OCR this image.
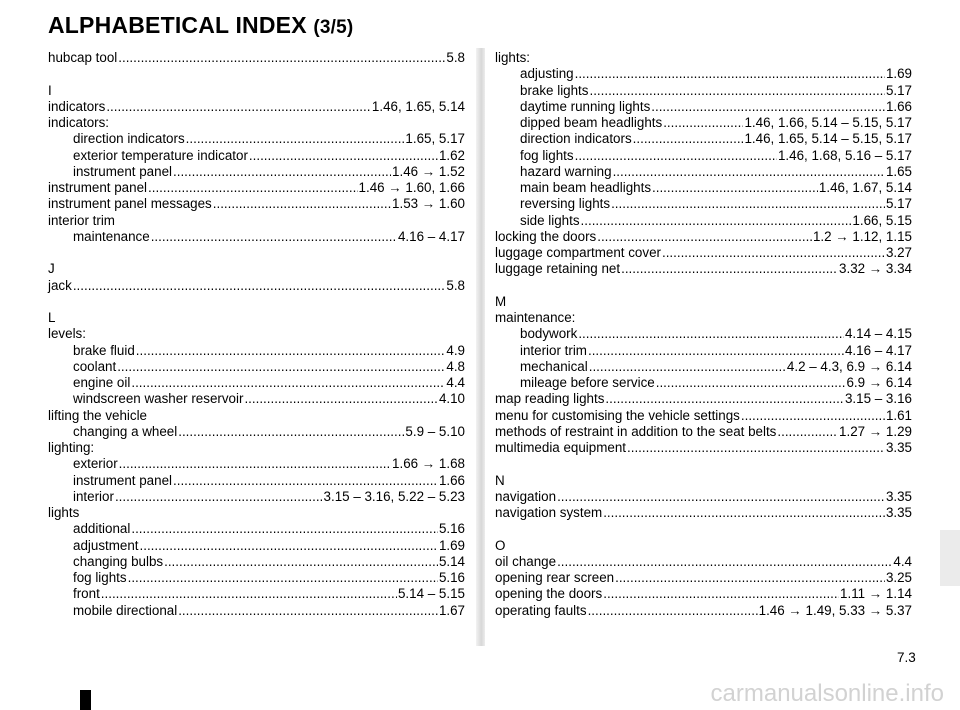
ALPHABETICAL INDEX (3/5)
hubcap tool .....	5.8
I
indicators .....	1.46, 1.65, 5.14
indicators:
direction indicators .....	1.65, 5.17
exterior temperature indicator .....	1.62
instrument panel .....	1.46 → 1.52
instrument panel .....	1.46 → 1.60, 1.66
instrument panel messages .....	1.53 → 1.60
interior trim
maintenance .....	4.16 – 4.17
J
jack .....	5.8
L
levels:
brake fluid .....	4.9
coolant .....	4.8
engine oil .....	4.4
windscreen washer reservoir .....	4.10
lifting the vehicle
changing a wheel .....	5.9 – 5.10
lighting:
exterior .....	1.66 → 1.68
instrument panel .....	1.66
interior .....	3.15 – 3.16, 5.22 – 5.23
lights
additional .....	5.16
adjustment .....	1.69
changing bulbs .....	5.14
fog lights .....	5.16
front .....	5.14 – 5.15
mobile directional .....	1.67
lights:
adjusting .....	1.69
brake lights .....	5.17
daytime running lights .....	1.66
dipped beam headlights .....	1.46, 1.66, 5.14 – 5.15, 5.17
direction indicators .....	1.46, 1.65, 5.14 – 5.15, 5.17
fog lights .....	1.46, 1.68, 5.16 – 5.17
hazard warning .....	1.65
main beam headlights .....	1.46, 1.67, 5.14
reversing lights .....	5.17
side lights .....	1.66, 5.15
locking the doors .....	1.2 → 1.12, 1.15
luggage compartment cover .....	3.27
luggage retaining net .....	3.32 → 3.34
M
maintenance:
bodywork .....	4.14 – 4.15
interior trim .....	4.16 – 4.17
mechanical .....	4.2 – 4.3, 6.9 → 6.14
mileage before service .....	6.9 → 6.14
map reading lights .....	3.15 – 3.16
menu for customising the vehicle settings .....	1.61
methods of restraint in addition to the seat belts .....	1.27 → 1.29
multimedia equipment .....	3.35
N
navigation .....	3.35
navigation system .....	3.35
O
oil change .....	4.4
opening rear screen .....	3.25
opening the doors .....	1.11 → 1.14
operating faults .....	1.46 → 1.49, 5.33 → 5.37
7.3
carmanualsonline.info
